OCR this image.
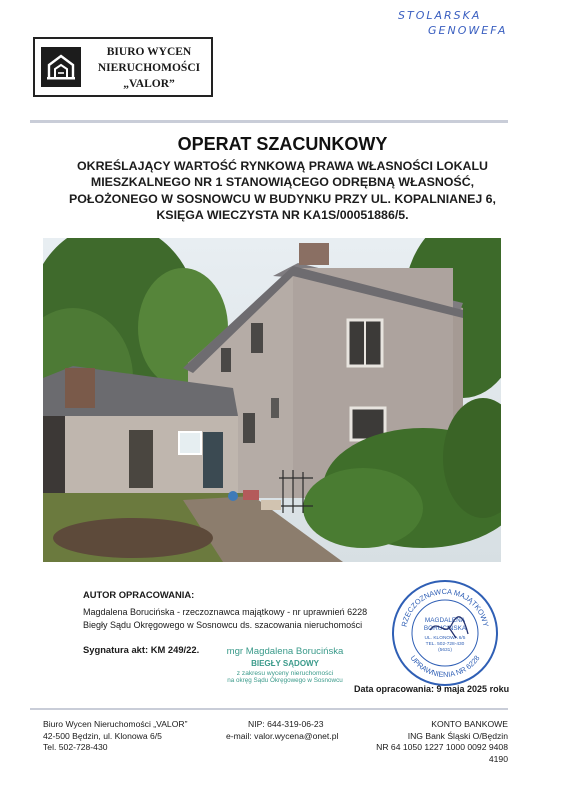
STOLARSKA
GENOWEFA
BIURO WYCEN
NIERUCHOMOŚCI
„VALOR”
OPERAT SZACUNKOWY
OKREŚLAJĄCY WARTOŚĆ RYNKOWĄ PRAWA WŁASNOŚCI LOKALU
MIESZKALNEGO NR 1 STANOWIĄCEGO ODRĘBNĄ WŁASNOŚĆ,
POŁOŻONEGO W SOSNOWCU W BUDYNKU PRZY UL. KOPALNIANEJ 6,
KSIĘGA WIECZYSTA NR KA1S/00051886/5.
AUTOR OPRACOWANIA:
Magdalena Borucińska - rzeczoznawca majątkowy - nr uprawnień 6228
Biegły Sądu Okręgowego w Sosnowcu ds. szacowania nieruchomości
Sygnatura akt: KM 249/22.	mgr Magdalena Borucińska
BIEGŁY SĄDOWY
z zakresu wyceny nieruchomości
na okręg Sądu Okręgowego w Sosnowcu
RZECZOZNAWCA MAJĄTKOWY
UPRAWNIENIA NR 6228
MAGDALENA
BORUCIŃSKA
UL. KLONOWA 6/5
TEL. 502-728-430
(5631)
Data opracowania: 9 maja 2025 roku
Biuro Wycen Nieruchomości „VALOR”
42-500 Będzin, ul. Klonowa 6/5
Tel. 502-728-430
NIP: 644-319-06-23
e-mail: valor.wycena@onet.pl
KONTO BANKOWE
ING Bank Śląski O/Będzin
NR 64 1050 1227 1000 0092 9408 4190
